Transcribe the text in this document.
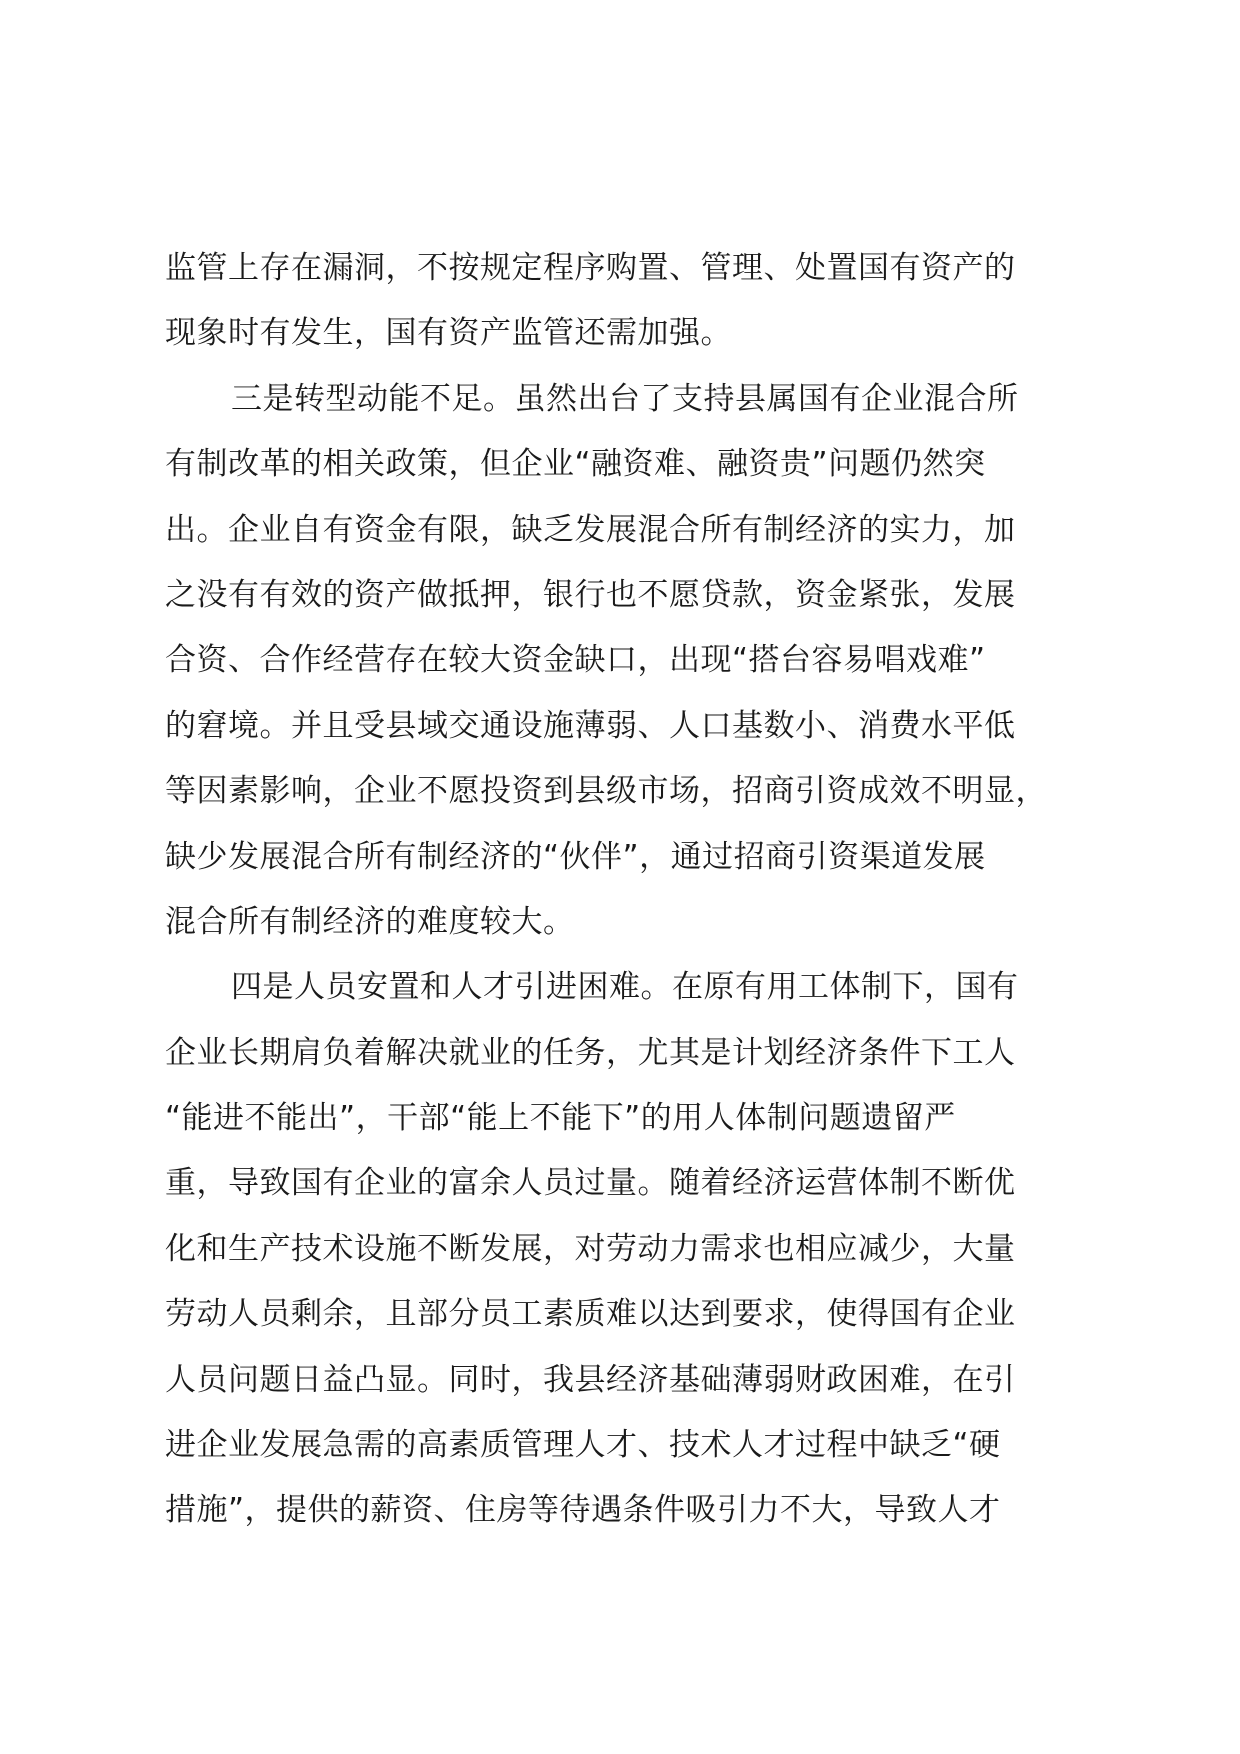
监管上存在漏洞，不按规定程序购置、管理、处置国有资产的
现象时有发生，国有资产监管还需加强。
三是转型动能不足。虽然出台了支持县属国有企业混合所
有制改革的相关政策，但企业“融资难、融资贵”问题仍然突
出。企业自有资金有限，缺乏发展混合所有制经济的实力，加
之没有有效的资产做抵押，银行也不愿贷款，资金紧张，发展
合资、合作经营存在较大资金缺口，出现“搭台容易唱戏难”
的窘境。并且受县域交通设施薄弱、人口基数小、消费水平低
等因素影响，企业不愿投资到县级市场，招商引资成效不明显，
缺少发展混合所有制经济的“伙伴”，通过招商引资渠道发展
混合所有制经济的难度较大。
四是人员安置和人才引进困难。在原有用工体制下，国有
企业长期肩负着解决就业的任务，尤其是计划经济条件下工人
“能进不能出”，干部“能上不能下”的用人体制问题遗留严
重，导致国有企业的富余人员过量。随着经济运营体制不断优
化和生产技术设施不断发展，对劳动力需求也相应减少，大量
劳动人员剩余，且部分员工素质难以达到要求，使得国有企业
人员问题日益凸显。同时，我县经济基础薄弱财政困难，在引
进企业发展急需的高素质管理人才、技术人才过程中缺乏“硬
措施”，提供的薪资、住房等待遇条件吸引力不大，导致人才
